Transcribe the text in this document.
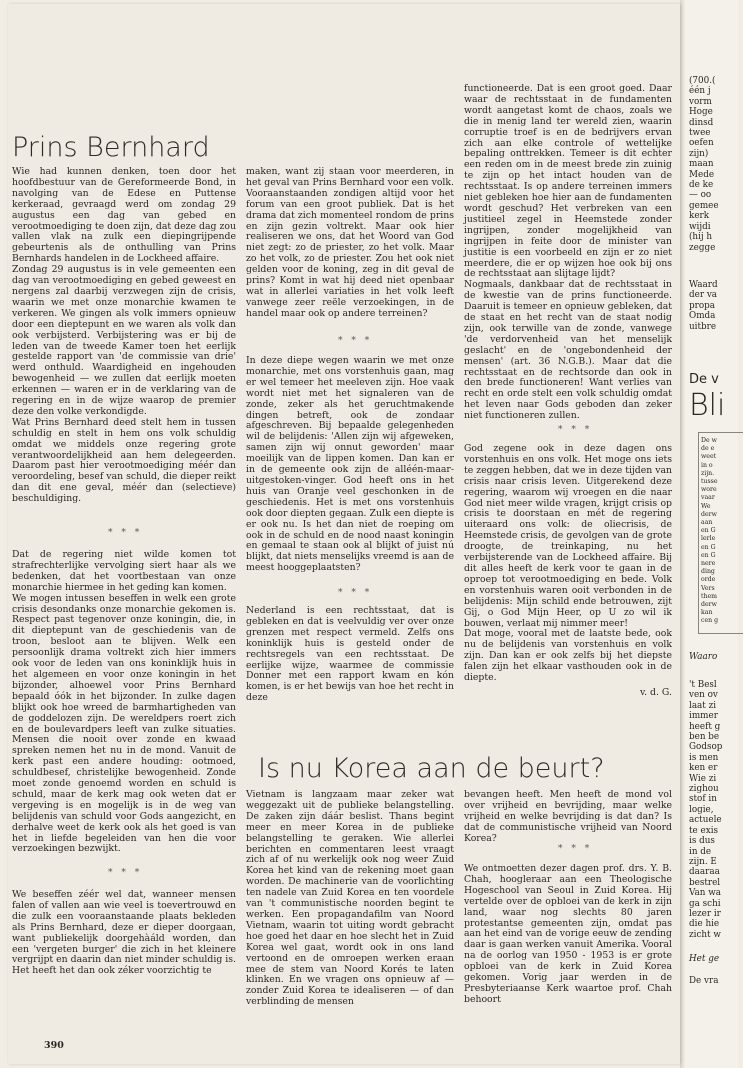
Prins Bernhard
Wie had kunnen denken, toen door het hoofdbestuur van de Gereformeerde Bond, in navolging van de Edese en Puttense kerkeraad, gevraagd werd om zondag 29 augustus een dag van gebed en verootmoediging te doen zijn, dat deze dag zou vallen vlak na zulk een diepingrijpende gebeurtenis als de onthulling van Prins Bernhards handelen in de Lockheed affaire.
Zondag 29 augustus is in vele gemeenten een dag van verootmoediging en gebed geweest en nergens zal daarbij verzwegen zijn de crisis, waarin we met onze monarchie kwamen te verkeren. We gingen als volk immers opnieuw door een dieptepunt en we waren als volk dan ook verbijsterd. Verbijstering was er bij de leden van de tweede Kamer toen het eerlijk gestelde rapport van 'de commissie van drie' werd onthuld. Waardigheid en ingehouden bewogenheid — we zullen dat eerlijk moeten erkennen — waren er in de verklaring van de regering en in de wijze waarop de premier deze den volke verkondigde.
Wat Prins Bernhard deed stelt hem in tussen schuldig en stelt in hem ons volk schuldig omdat we middels onze regering grote verantwoordelijkheid aan hem delegeerden. Daarom past hier verootmoediging méér dan veroordeling, besef van schuld, die dieper reikt dan dit ene geval, méér dan (selectieve) beschuldiging.
* * *
Dat de regering niet wilde komen tot strafrechterlijke vervolging siert haar als we bedenken, dat het voortbestaan van onze monarchie hiermee in het geding kan komen.
We mogen intussen beseffen in welk een grote crisis desondanks onze monarchie gekomen is. Respect past tegenover onze koningin, die, in dit dieptepunt van de geschiedenis van de troon, besloot aan te blijven. Welk een persoonlijk drama voltrekt zich hier immers ook voor de leden van ons koninklijk huis in het algemeen en voor onze koningin in het bijzonder, alhoewel voor Prins Bernhard bepaald óók in het bijzonder. In zulke dagen blijkt ook hoe wreed de barmhartigheden van de goddelozen zijn. De wereldpers roert zich en de boulevardpers leeft van zulke situaties. Mensen die nooit over zonde en kwaad spreken nemen het nu in de mond. Vanuit de kerk past een andere houding: ootmoed, schuldbesef, christelijke bewogenheid. Zonde moet zonde genoemd worden en schuld is schuld, maar de kerk mag ook weten dat er vergeving is en mogelijk is in de weg van belijdenis van schuld voor Gods aangezicht, en derhalve weet de kerk ook als het goed is van het in liefde begeleiden van hen die voor verzoekingen bezwijkt.
* * *
We beseffen zéér wel dat, wanneer mensen falen of vallen aan wie veel is toevertrouwd en die zulk een vooraanstaande plaats bekleden als Prins Bernhard, deze er dieper doorgaan, want publiekelijk doorgehàáld worden, dan een 'vergeten burger' die zich in het kleinere vergrijpt en daarin dan niet minder schuldig is. Het heeft het dan ook zéker voorzichtig te
390
maken, want zij staan voor meerderen, in het geval van Prins Bernhard voor een volk. Vooraanstaanden zondigen altijd voor het forum van een groot publiek. Dat is het drama dat zich momenteel rondom de prins en zijn gezin voltrekt. Maar ook hier realiseren we ons, dat het Woord van God niet zegt: zo de priester, zo het volk. Maar zo het volk, zo de priester. Zou het ook niet gelden voor de koning, zeg in dit geval de prins? Komt in wat hij deed niet openbaar wat in allerlei variaties in het volk leeft vanwege zeer reële verzoekingen, in de handel maar ook op andere terreinen?
* * *
In deze diepe wegen waarin we met onze monarchie, met ons vorstenhuis gaan, mag er wel temeer het meeleven zijn. Hoe vaak wordt niet met het signaleren van de zonde, zeker als het geruchtmakende dingen betreft, ook de zondaar afgeschreven. Bij bepaalde gelegenheden wil de belijdenis: 'Allen zijn wij afgeweken, samen zijn wij onnut geworden' maar moeilijk van de lippen komen. Dan kan er in de gemeente ook zijn de alléén-maar-uitgestoken-vinger. God heeft ons in het huis van Oranje veel geschonken in de geschiedenis. Het is met ons vorstenhuis ook door diepten gegaan. Zulk een diepte is er ook nu. Is het dan niet de roeping om ook in de schuld en de nood naast koningin en gemaal te staan ook al blijkt of juist nú blijkt, dat niets menselijks vreemd is aan de meest hooggeplaatsten?
* * *
Nederland is een rechtsstaat, dat is gebleken en dat is veelvuldig ver over onze grenzen met respect vermeld. Zelfs ons koninklijk huis is gesteld onder de rechtsregels van een rechtsstaat. De eerlijke wijze, waarmee de commissie Donner met een rapport kwam en kón komen, is er het bewijs van hoe het recht in deze
functioneerde. Dat is een groot goed. Daar waar de rechtsstaat in de fundamenten wordt aangetast komt de chaos, zoals we die in menig land ter wereld zien, waarin corruptie troef is en de bedrijvers ervan zich aan elke controle of wettelijke bepaling onttrekken. Temeer is dit echter een reden om in de meest brede zin zuinig te zijn op het intact houden van de rechtsstaat. Is op andere terreinen immers niet gebleken hoe hier aan de fundamenten wordt geschud? Het verbreken van een justitieel zegel in Heemstede zonder ingrijpen, zonder mogelijkheid van ingrijpen in feite door de minister van justitie is een voorbeeld en zijn er zo niet meerdere, die er op wijzen hoe ook bij ons de rechtsstaat aan slijtage lijdt?
Nogmaals, dankbaar dat de rechtsstaat in de kwestie van de prins functioneerde. Daaruit is temeer en opnieuw gebleken, dat de staat en het recht van de staat nodig zijn, ook terwille van de zonde, vanwege 'de verdorvenheid van het menselijk geslacht' en de 'ongebondenheid der mensen' (art. 36 N.G.B.). Maar dat die rechtsstaat en de rechtsorde dan ook in den brede functioneren! Want verlies van recht en orde stelt een volk schuldig omdat het leven naar Gods geboden dan zeker niet functioneren zullen.
* * *
God zegene ook in deze dagen ons vorstenhuis en ons volk. Het moge ons iets te zeggen hebben, dat we in deze tijden van crisis naar crisis leven. Uitgerekend deze regering, waarom wij vroegen en die naar God niet meer wilde vragen, krijgt crisis op crisis te doorstaan en mét de regering uiteraard ons volk: de oliecrisis, de Heemstede crisis, de gevolgen van de grote droogte, de treinkaping, nu het verbijsterende van de Lockheed affaire. Bij dit alles heeft de kerk voor te gaan in de oproep tot verootmoediging en bede. Volk en vorstenhuis waren ooit verbonden in de belijdenis: Mijn schild ende betrouwen, zijt Gij, o God Mijn Heer, op U zo wil ik bouwen, verlaat mij nimmer meer!
Dat moge, vooral met de laatste bede, ook nu de belijdenis van vorstenhuis en volk zijn. Dan kan er ook zelfs bij het diepste falen zijn het elkaar vasthouden ook in de diepte.
v. d. G.
Is nu Korea aan de beurt?
Vietnam is langzaam maar zeker wat weggezakt uit de publieke belangstelling. De zaken zijn dáár beslist. Thans begint meer en meer Korea in de publieke belangstelling te geraken. Wie allerlei berichten en commentaren leest vraagt zich af of nu werkelijk ook nog weer Zuid Korea het kind van de rekening moet gaan worden. De machinerie van de voorlichting ten nadele van Zuid Korea en ten voordele van 't communistische noorden begint te werken. Een propagandafilm van Noord Vietnam, waarin tot uiting wordt gebracht hoe goed het daar en hoe slecht het in Zuid Korea wel gaat, wordt ook in ons land vertoond en de omroepen werken eraan mee de stem van Noord Korés te laten klinken. En we vragen ons opnieuw af — zonder Zuid Korea te idealiseren — of dan verblinding de mensen
bevangen heeft. Men heeft de mond vol over vrijheid en bevrijding, maar welke vrijheid en welke bevrijding is dat dan? Is dat de communistische vrijheid van Noord Korea?
* * *
We ontmoetten dezer dagen prof. drs. Y. B. Chah, hoogleraar aan een Theologische Hogeschool van Seoul in Zuid Korea. Hij vertelde over de opbloei van de kerk in zijn land, waar nog slechts 80 jaren protestantse gemeenten zijn, omdat pas aan het eind van de vorige eeuw de zending daar is gaan werken vanuit Amerika. Vooral na de oorlog van 1950 - 1953 is er grote opbloei van de kerk in Zuid Korea gekomen. Vorig jaar werden in de Presbyteriaanse Kerk waartoe prof. Chah behoort
(700.(
één j
vorm
Hoge
dinsd
twee
oefen
zijn)
maan
Mede
de ke
— oo
gemee
kerk
wijdi
(hij h
zegge
Waard
der va
propa
Omda
uitbre
De v
Bli
De w
de e
weet
in o
zijn.
tusse
wore
vaar
We
derw
aan
en G
lerle
en G
en G
nere
ding
orde
Vers
them
derw
kan
cen g
Waaro
't Besl
ven ov
laat zi
immer
heeft g
ben be
Godsop
is men
ken er
Wie zi
zighou
stof in
logie,
actuele
te exis
is dus
in de
zijn. E
daaraa
bestrel
Van wa
ga schi
lezer ir
die hie
zicht w
Het ge
De vra
